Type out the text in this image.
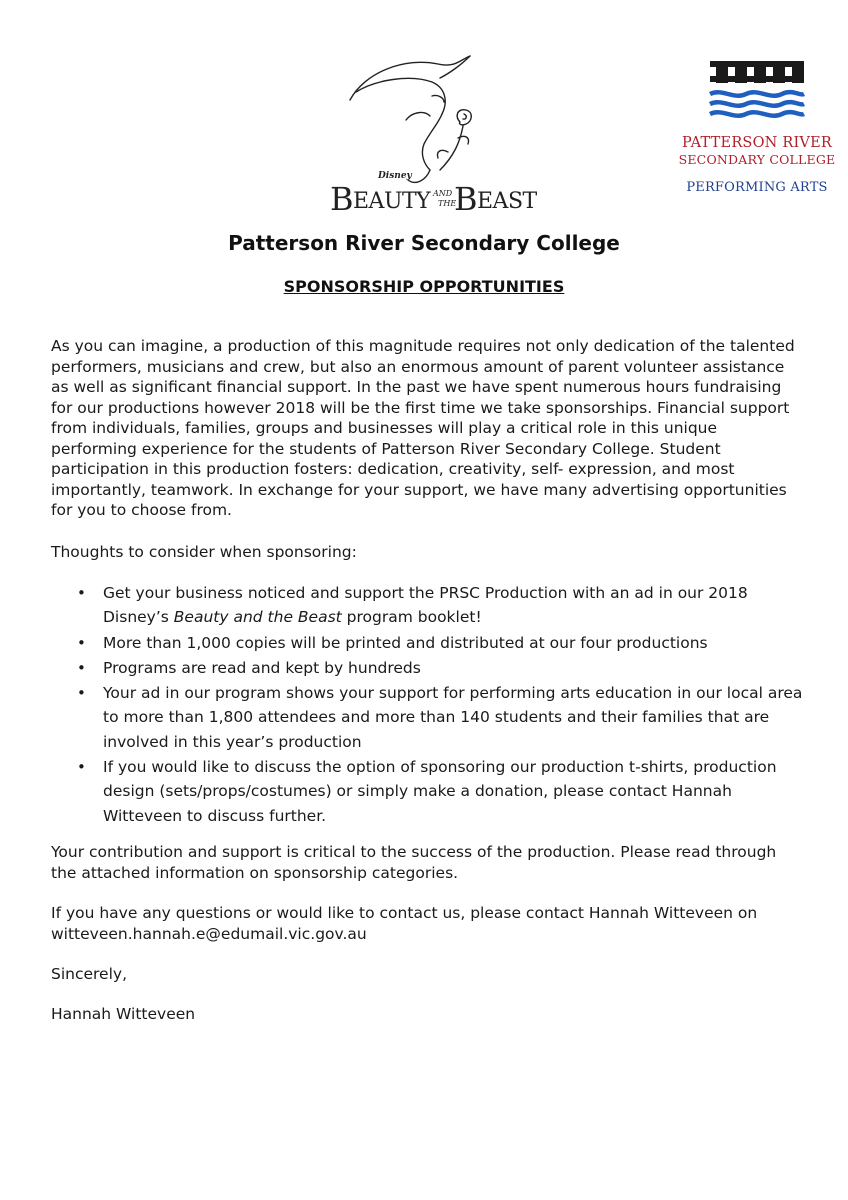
Disney
B EAUTY AND
THE
B EAST
PATTERSON RIVER
SECONDARY COLLEGE
PERFORMING ARTS
Patterson River Secondary College
SPONSORSHIP OPPORTUNITIES

As you can imagine, a production of this magnitude requires not only dedication of the talented performers, musicians and crew, but also an enormous amount of parent volunteer assistance as well as significant financial support. In the past we have spent numerous hours fundraising for our productions however 2018 will be the first time we take sponsorships. Financial support from individuals, families, groups and businesses will play a critical role in this unique performing experience for the students of Patterson River Secondary College. Student participation in this production fosters: dedication, creativity, self- expression, and most importantly, teamwork. In exchange for your support, we have many advertising opportunities for you to choose from.

Thoughts to consider when sponsoring:

• Get your business noticed and support the PRSC Production with an ad in our 2018 Disney’s Beauty and the Beast program booklet!
• More than 1,000 copies will be printed and distributed at our four productions
• Programs are read and kept by hundreds
• Your ad in our program shows your support for performing arts education in our local area to more than 1,800 attendees and more than 140 students and their families that are involved in this year’s production
• If you would like to discuss the option of sponsoring our production t-shirts, production design (sets/props/costumes) or simply make a donation, please contact Hannah Witteveen to discuss further.

Your contribution and support is critical to the success of the production. Please read through the attached information on sponsorship categories.

If you have any questions or would like to contact us, please contact Hannah Witteveen on witteveen.hannah.e@edumail.vic.gov.au

Sincerely,

Hannah Witteveen
